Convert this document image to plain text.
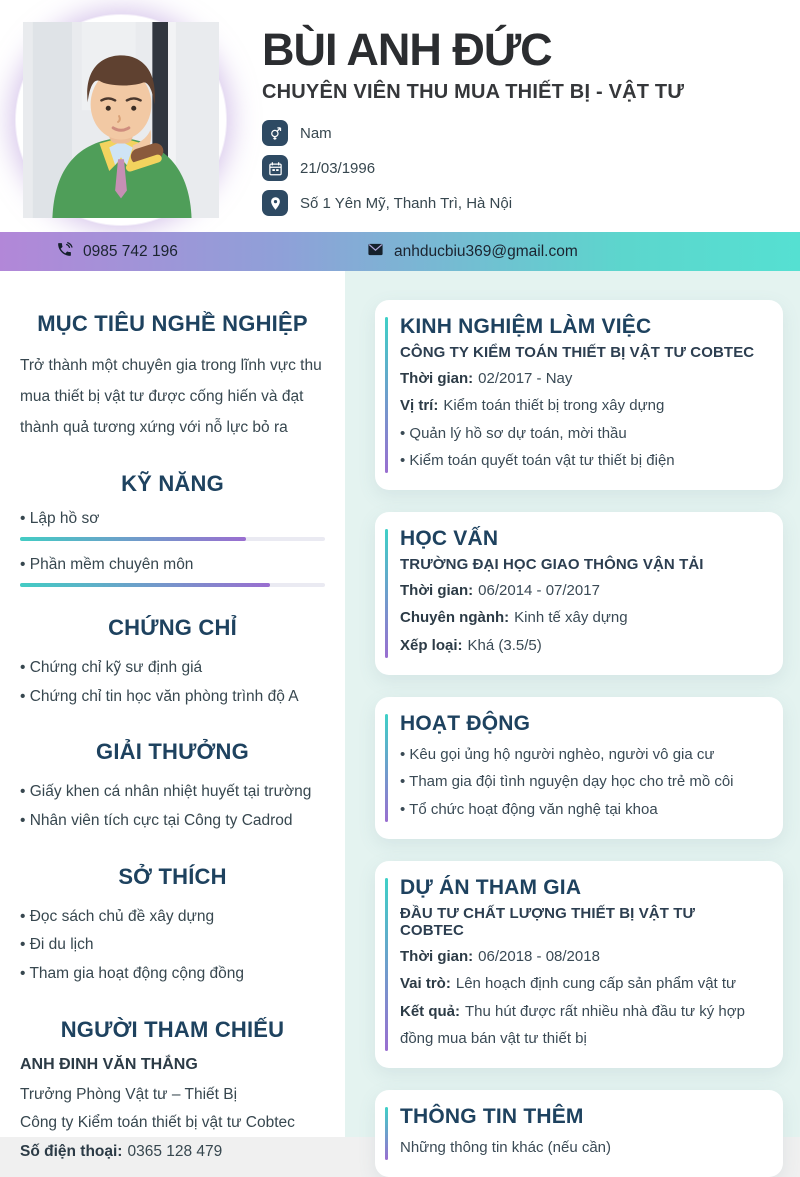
BÙI ANH ĐỨC
CHUYÊN VIÊN THU MUA THIẾT BỊ - VẬT TƯ
Nam
21/03/1996
Số 1 Yên Mỹ, Thanh Trì, Hà Nội
0985 742 196	anhducbiu369@gmail.com
MỤC TIÊU NGHỀ NGHIỆP

Trở thành một chuyên gia trong lĩnh vực thu mua thiết bị vật tư được cống hiến và đạt thành quả tương xứng với nỗ lực bỏ ra

KỸ NĂNG
• Lập hồ sơ
• Phần mềm chuyên môn
CHỨNG CHỈ
• Chứng chỉ kỹ sư định giá
• Chứng chỉ tin học văn phòng trình độ A
GIẢI THƯỞNG
• Giấy khen cá nhân nhiệt huyết tại trường
• Nhân viên tích cực tại Công ty Cadrod
SỞ THÍCH
• Đọc sách chủ đề xây dựng
• Đi du lịch
• Tham gia hoạt động cộng đồng
NGƯỜI THAM CHIẾU

ANH ĐINH VĂN THẮNG

Trưởng Phòng Vật tư – Thiết Bị

Công ty Kiểm toán thiết bị vật tư Cobtec

Số điện thoại: 0365 128 479

KINH NGHIỆM LÀM VIỆC
CÔNG TY KIỂM TOÁN THIẾT BỊ VẬT TƯ COBTEC

Thời gian: 02/2017 - Nay

Vị trí: Kiểm toán thiết bị trong xây dựng

• Quản lý hồ sơ dự toán, mời thầu
• Kiểm toán quyết toán vật tư thiết bị điện
HỌC VẤN
TRƯỜNG ĐẠI HỌC GIAO THÔNG VẬN TẢI

Thời gian: 06/2014 - 07/2017

Chuyên ngành: Kinh tế xây dựng

Xếp loại: Khá (3.5/5)

HOẠT ĐỘNG
• Kêu gọi ủng hộ người nghèo, người vô gia cư
• Tham gia đội tình nguyện dạy học cho trẻ mồ côi
• Tổ chức hoạt động văn nghệ tại khoa
DỰ ÁN THAM GIA
ĐẦU TƯ CHẤT LƯỢNG THIẾT BỊ VẬT TƯ COBTEC

Thời gian: 06/2018 - 08/2018

Vai trò: Lên hoạch định cung cấp sản phẩm vật tư

Kết quả: Thu hút được rất nhiều nhà đầu tư ký hợp đồng mua bán vật tư thiết bị

THÔNG TIN THÊM

Những thông tin khác (nếu cần)
